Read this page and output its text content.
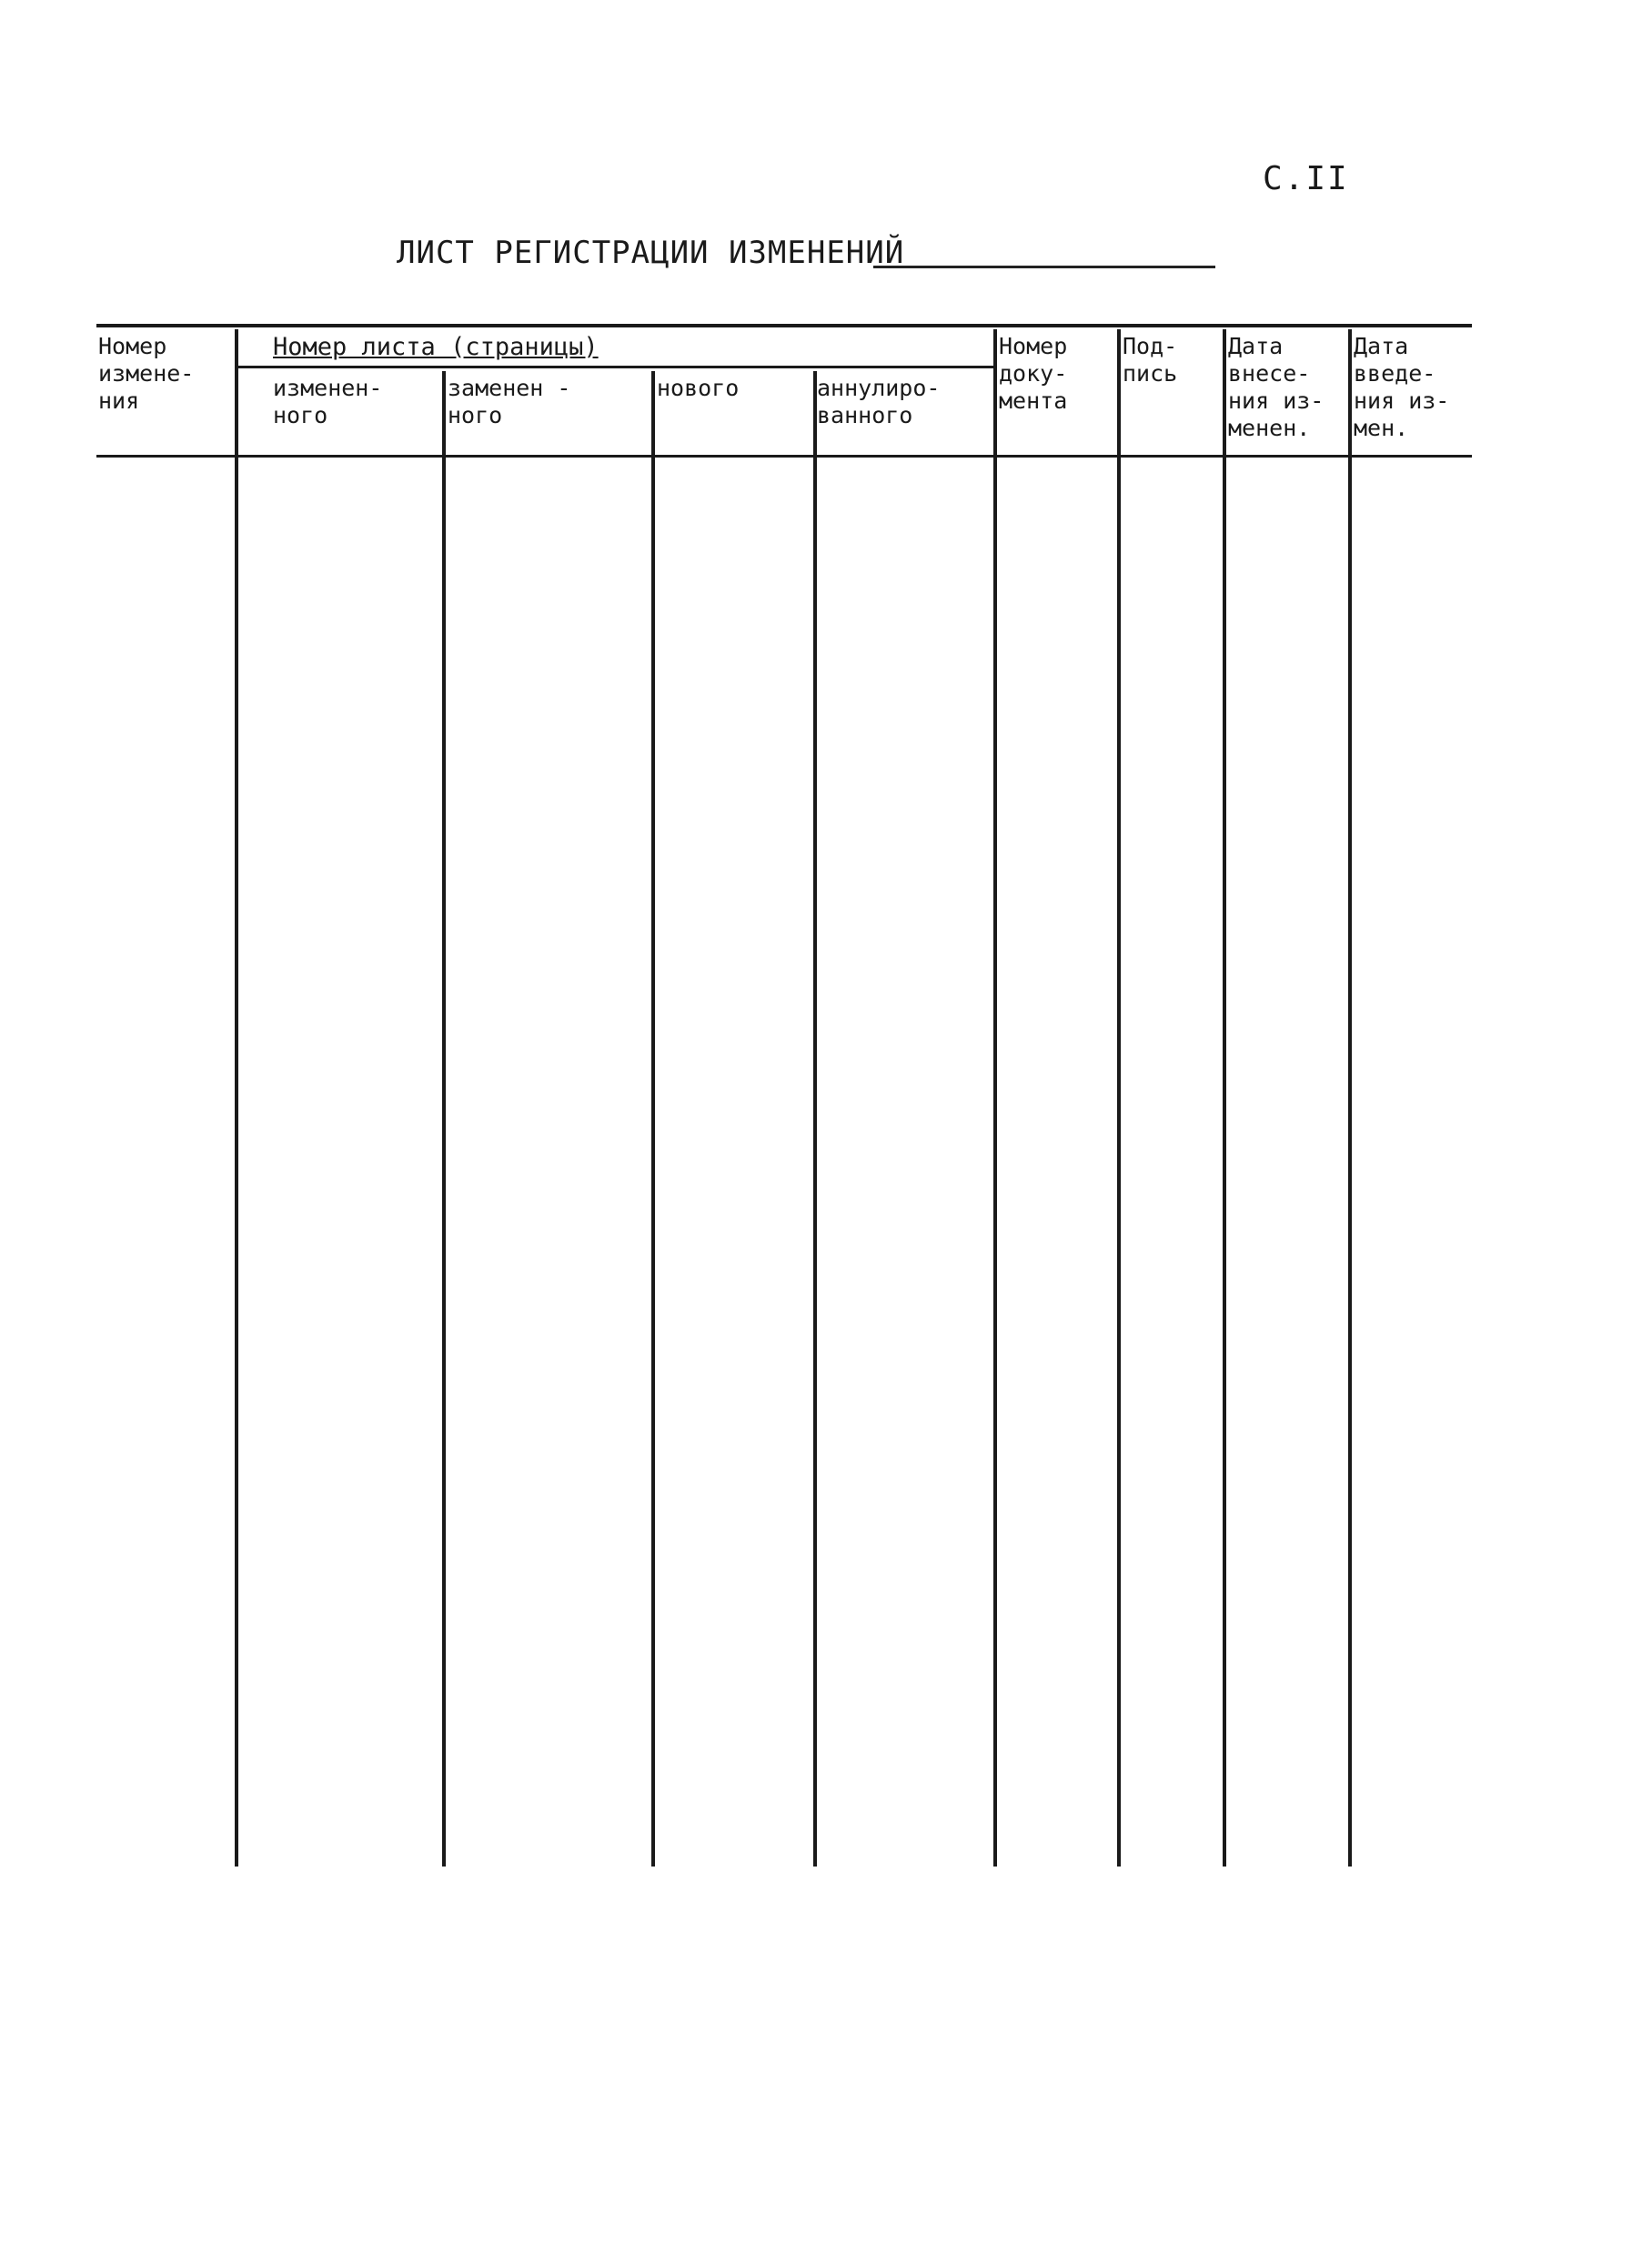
С.II
ЛИСТ РЕГИСТРАЦИИ ИЗМЕНЕНИЙ
Номер листа (страницы)
Номер
измене-
ния	изменен-
ного
заменен -
ного
нового	аннулиро-
ванного
Номер
доку-
мента
Под-
пись
Дата
внесе-
ния из-
менен.
Дата
введе-
ния из-
мен.
